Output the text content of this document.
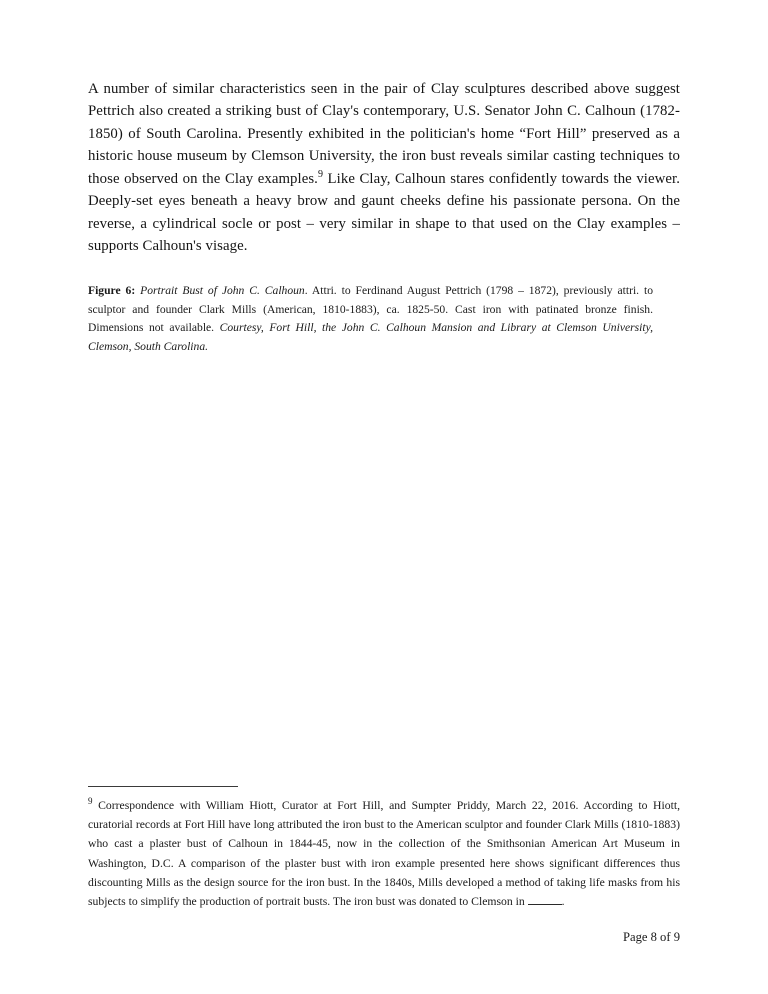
A number of similar characteristics seen in the pair of Clay sculptures described above suggest Pettrich also created a striking bust of Clay's contemporary, U.S. Senator John C. Calhoun (1782-1850) of South Carolina. Presently exhibited in the politician's home “Fort Hill” preserved as a historic house museum by Clemson University, the iron bust reveals similar casting techniques to those observed on the Clay examples.$^9$ Like Clay, Calhoun stares confidently towards the viewer. Deeply-set eyes beneath a heavy brow and gaunt cheeks define his passionate persona. On the reverse, a cylindrical socle or post – very similar in shape to that used on the Clay examples – supports Calhoun's visage.

Figure 6: Portrait Bust of John C. Calhoun. Attri. to Ferdinand August Pettrich (1798 – 1872), previously attri. to sculptor and founder Clark Mills (American, 1810-1883), ca. 1825-50. Cast iron with patinated bronze finish. Dimensions not available. Courtesy, Fort Hill, the John C. Calhoun Mansion and Library at Clemson University, Clemson, South Carolina.
$^9$ Correspondence with William Hiott, Curator at Fort Hill, and Sumpter Priddy, March 22, 2016. According to Hiott, curatorial records at Fort Hill have long attributed the iron bust to the American sculptor and founder Clark Mills (1810-1883) who cast a plaster bust of Calhoun in 1844-45, now in the collection of the Smithsonian American Art Museum in Washington, D.C. A comparison of the plaster bust with iron example presented here shows significant differences thus discounting Mills as the design source for the iron bust. In the 1840s, Mills developed a method of taking life masks from his subjects to simplify the production of portrait busts. The iron bust was donated to Clemson in	.
Page 8 of 9
